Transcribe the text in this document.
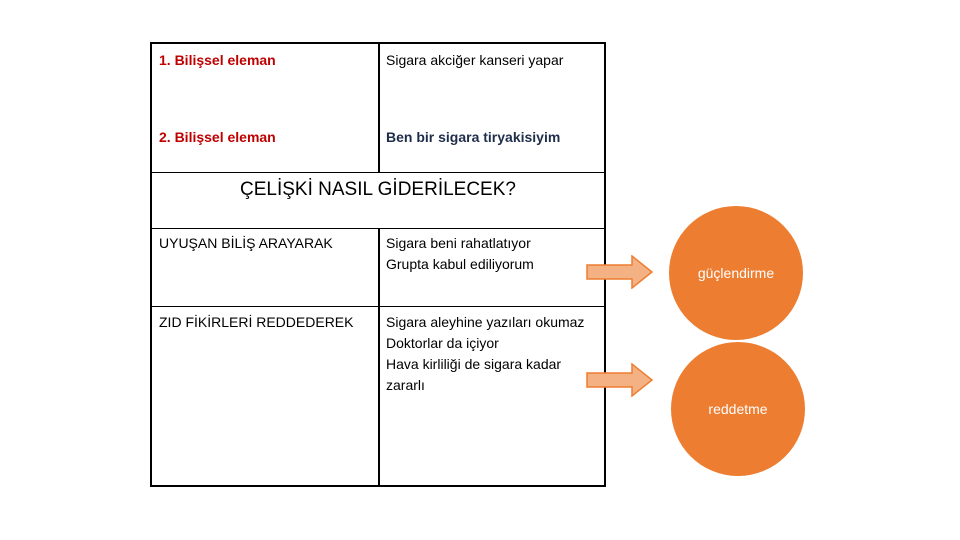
1. Bilişsel eleman	Sigara akciğer kanseri yapar
2. Bilişsel eleman	Ben bir sigara tiryakisiyim
ÇELİŞKİ NASIL GİDERİLECEK?
UYUŞAN BİLİŞ ARAYARAK	Sigara beni rahatlatıyor
Grupta kabul ediliyorum
ZID FİKİRLERİ REDDEDEREK	Sigara aleyhine yazıları okumaz
Doktorlar da içiyor
Hava kirliliği de sigara kadar zararlı
güçlendirme
reddetme
